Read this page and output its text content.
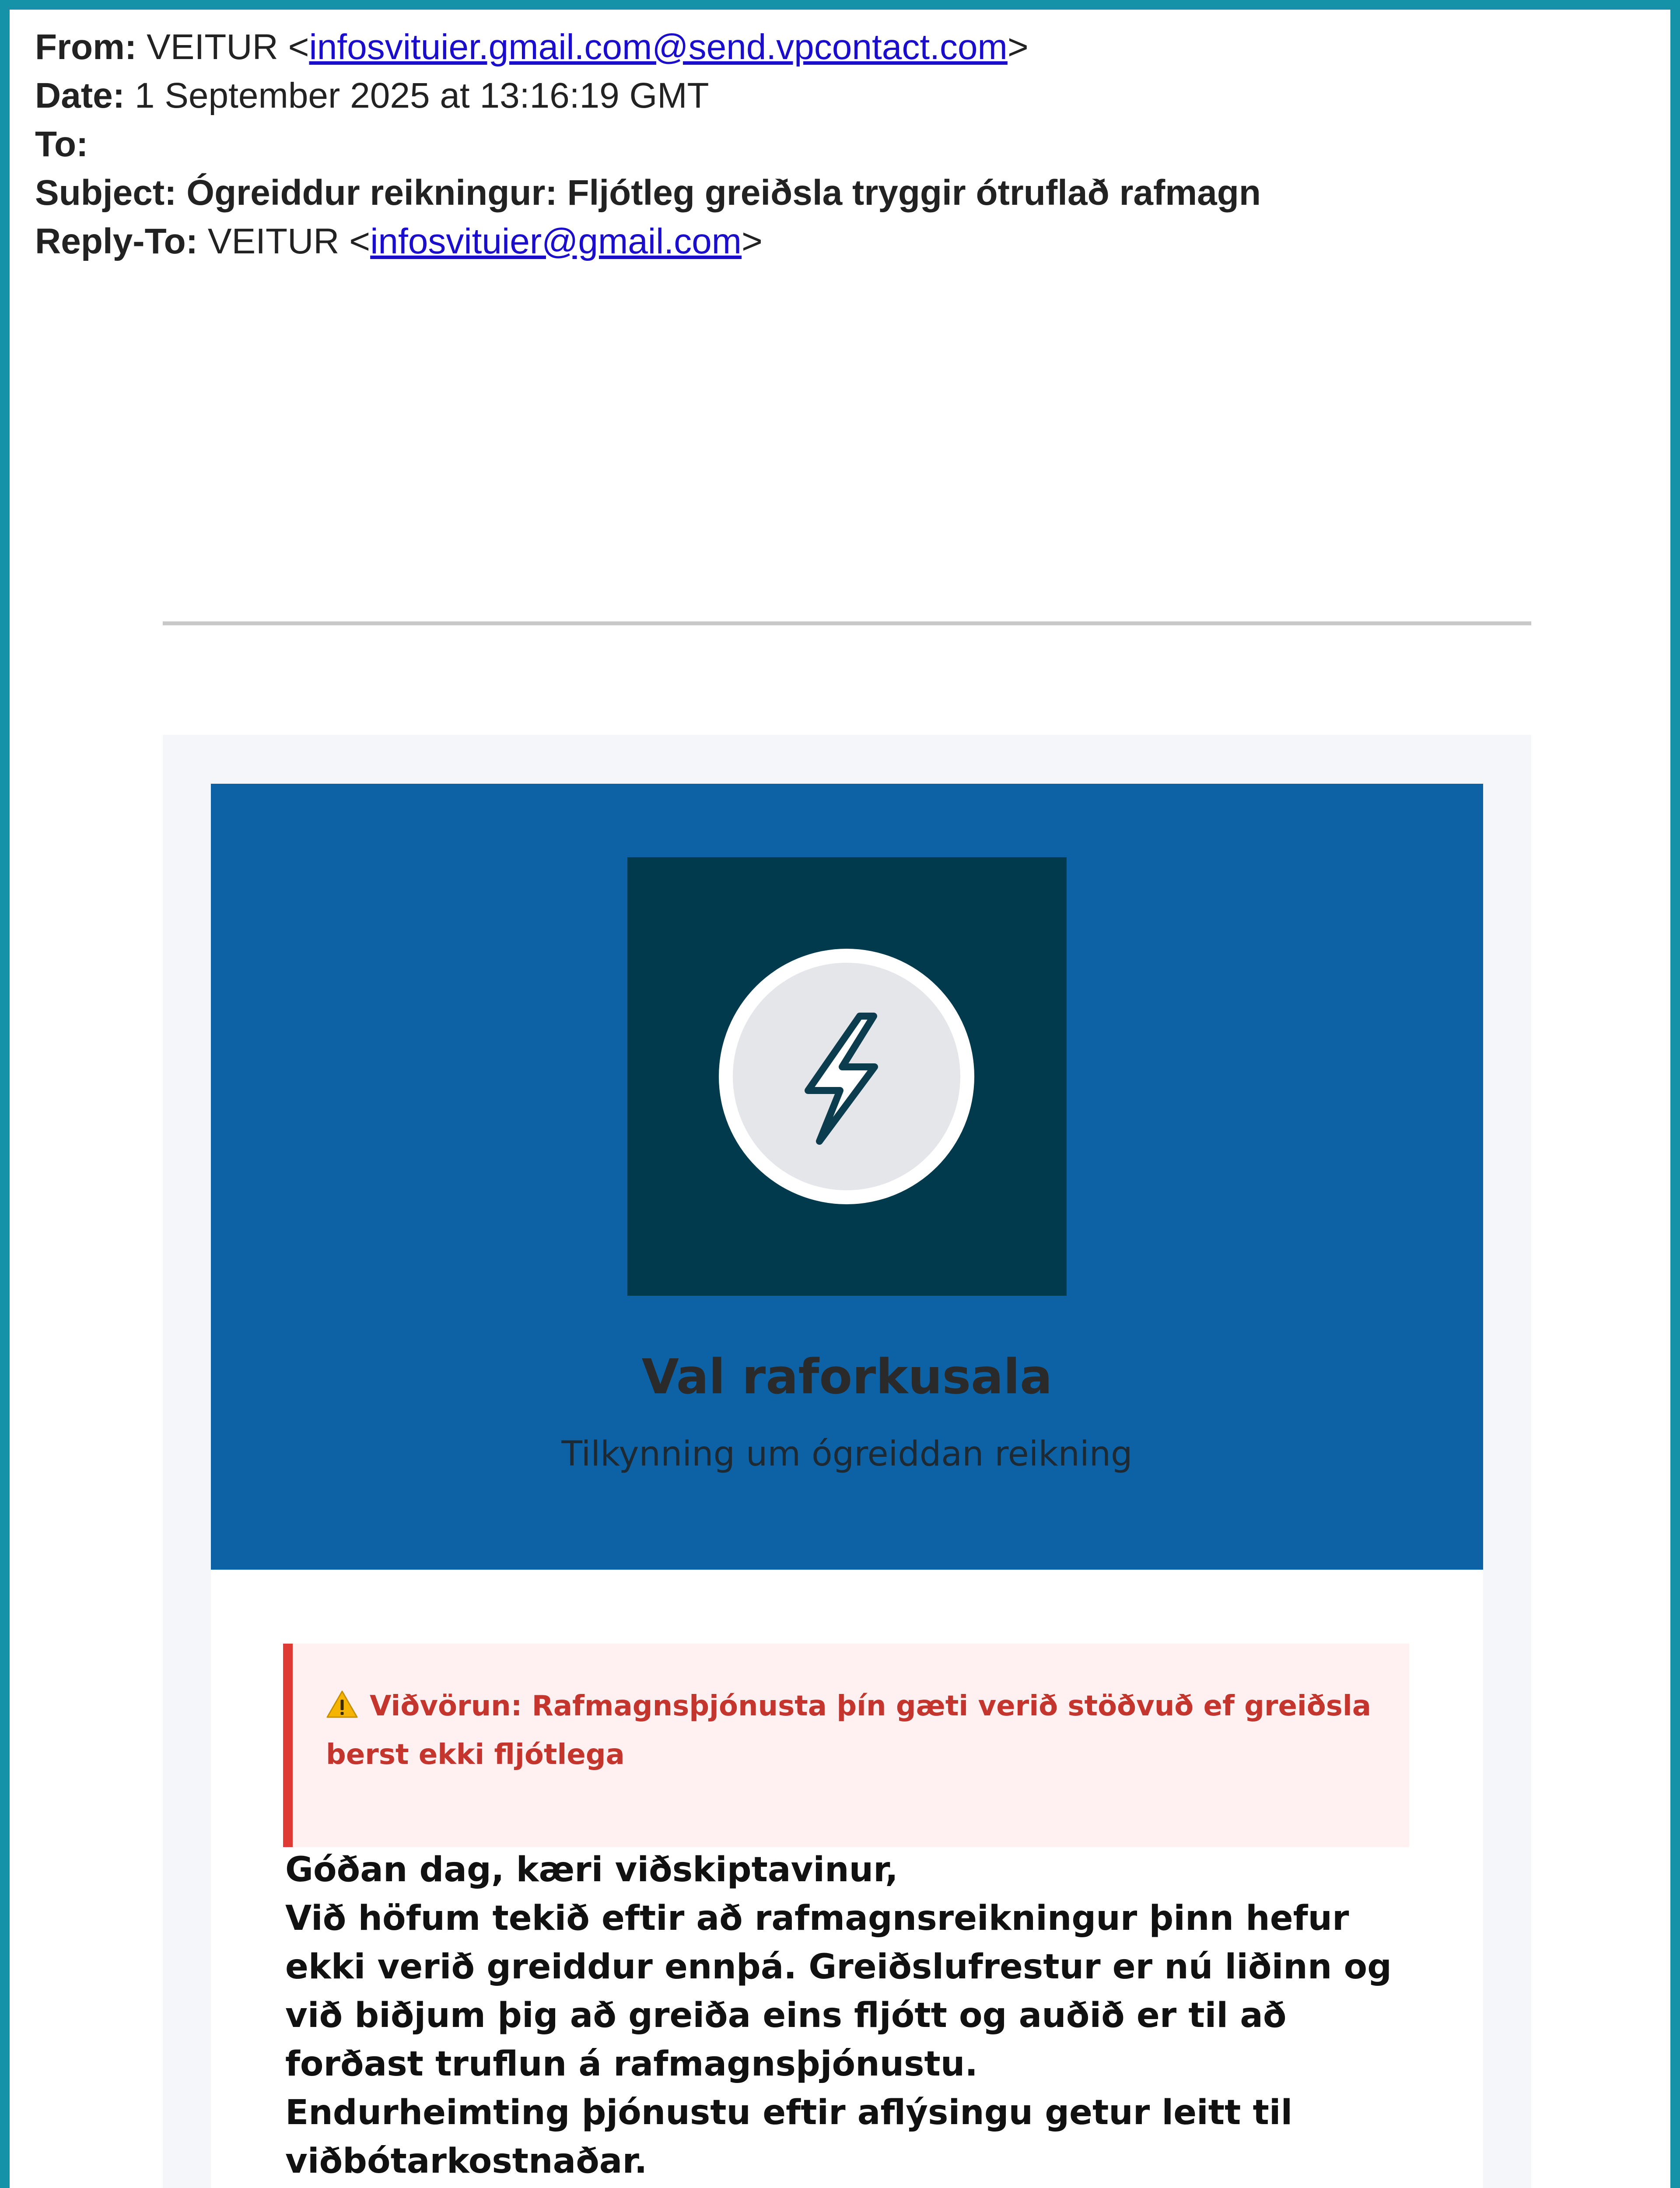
From: VEITUR <infosvituier.gmail.com@send.vpcontact.com>
Date: 1 September 2025 at 13:16:19 GMT
To:
Subject: Ógreiddur reikningur: Fljótleg greiðsla tryggir ótruflað rafmagn
Reply-To: VEITUR <infosvituier@gmail.com>
Val raforkusala
Tilkynning um ógreiddan reikning
Viðvörun: Rafmagnsþjónusta þín gæti verið stöðvuð ef greiðsla berst ekki fljótlega

Góðan dag, kæri viðskiptavinur,

Við höfum tekið eftir að rafmagnsreikningur þinn hefur ekki verið greiddur ennþá. Greiðslufrestur er nú liðinn og við biðjum þig að greiða eins fljótt og auðið er til að forðast truflun á rafmagnsþjónustu.

Endurheimting þjónustu eftir aflýsingu getur leitt til viðbótarkostnaðar.
